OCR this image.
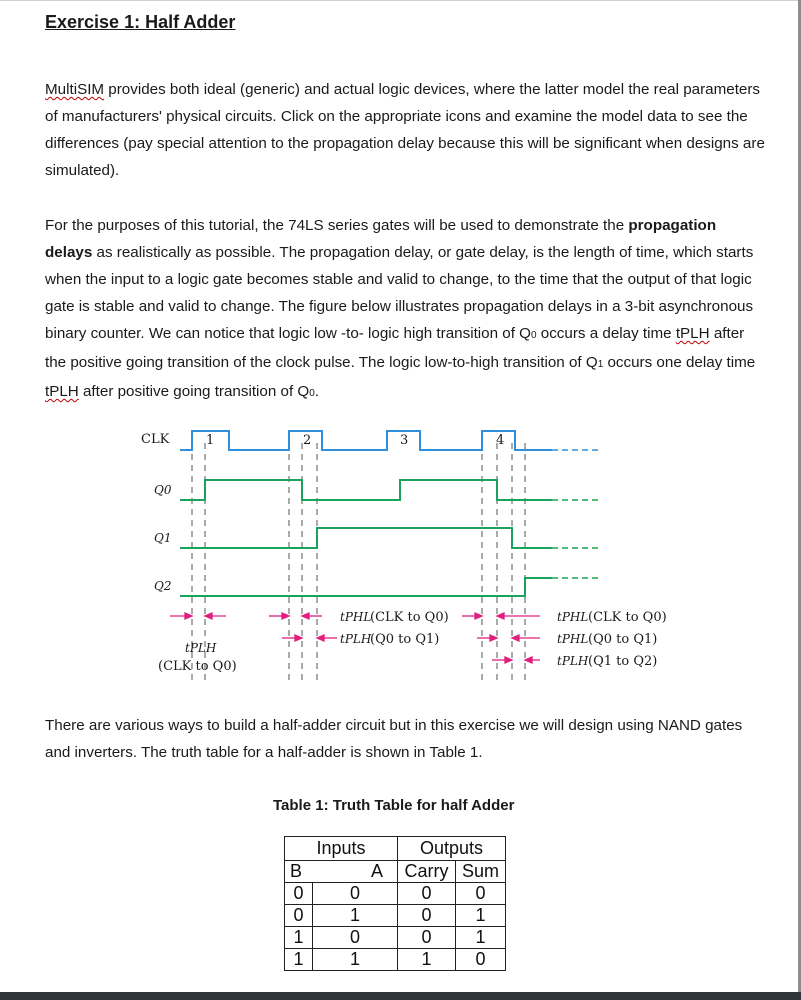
Exercise 1: Half Adder

MultiSIM provides both ideal (generic) and actual logic devices, where the latter model the real parameters of manufacturers' physical circuits. Click on the appropriate icons and examine the model data to see the differences (pay special attention to the propagation delay because this will be significant when designs are simulated).

For the purposes of this tutorial, the 74LS series gates will be used to demonstrate the propagation delays as realistically as possible. The propagation delay, or gate delay, is the length of time, which starts when the input to a logic gate becomes stable and valid to change, to the time that the output of that logic gate is stable and valid to change. The figure below illustrates propagation delays in a 3-bit asynchronous binary counter. We can notice that logic low -to- logic high transition of Q0 occurs a delay time tPLH after the positive going transition of the clock pulse. The logic low-to-high transition of Q1 occurs one delay time tPLH after positive going transition of Q0.

CLK
Q0
Q1
Q2
1	2	3	4
tPLH
(CLK to Q0)
tPHL
(CLK to Q0)
tPLH
(Q0 to Q1)
tPHL (CLK to Q0)
tPHL (Q0 to Q1)
tPLH (Q1 to Q2)

There are various ways to build a half-adder circuit but in this exercise we will design using NAND gates and inverters. The truth table for a half-adder is shown in Table 1.

Table 1: Truth Table for half Adder

Inputs		Outputs	
B	A	Carry	Sum
0	0	0	0
0	1	0	1
1	0	0	1
1	1	1	0
